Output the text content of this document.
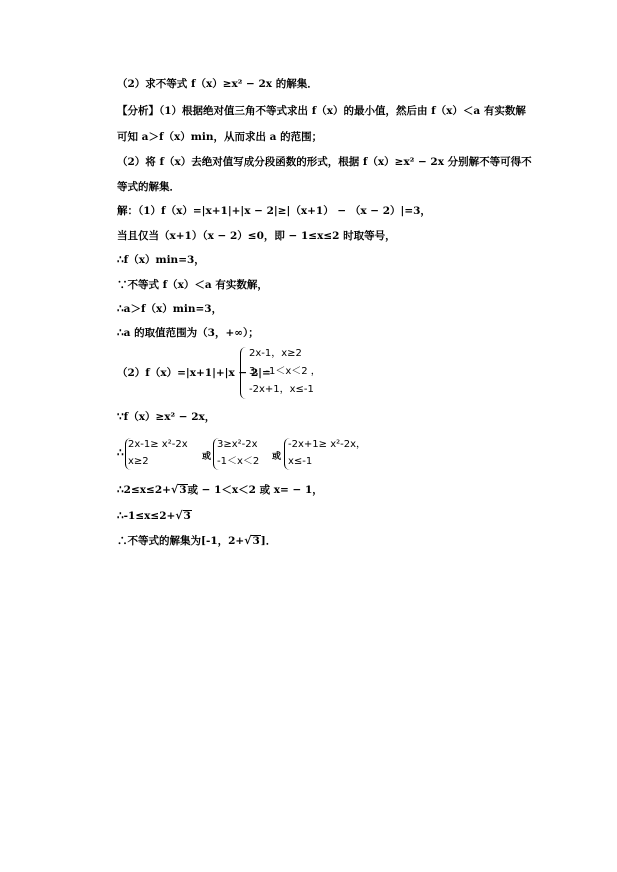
（2）求不等式 f（x）≥x² − 2x 的解集．
【分析】（1）根据绝对值三角不等式求出 f（x）的最小值，然后由 f（x）＜a 有实数解
可知 a＞f（x）min，从而求出 a 的范围；
（2）将 f（x）去绝对值写成分段函数的形式，根据 f（x）≥x² − 2x 分别解不等可得不
等式的解集．
解：（1）f（x）=|x+1|+|x − 2|≥|（x+1） − （x − 2）|=3，
当且仅当（x+1）（x − 2）≤0，即 − 1≤x≤2 时取等号，
∴f（x）min=3，
∵不等式 f（x）＜a 有实数解，
∴a＞f（x）min=3，
∴a 的取值范围为（3，+∞）；
（2）f（x）=|x+1|+|x − 2|=
2x-1，x≥2
3，-1＜x＜2 ，
-2x+1，x≤-1
∵f（x）≥x² − 2x，
∴
2x-1≥ x²-2x
x≥2	或
3≥x²-2x
-1＜x＜2 或
-2x+1≥ x²-2x，
x≤-1
∴2≤x≤2+√3或 − 1＜x＜2 或 x= − 1，
∴-1≤x≤2+√3
∴不等式的解集为[-1，2+√3]．
